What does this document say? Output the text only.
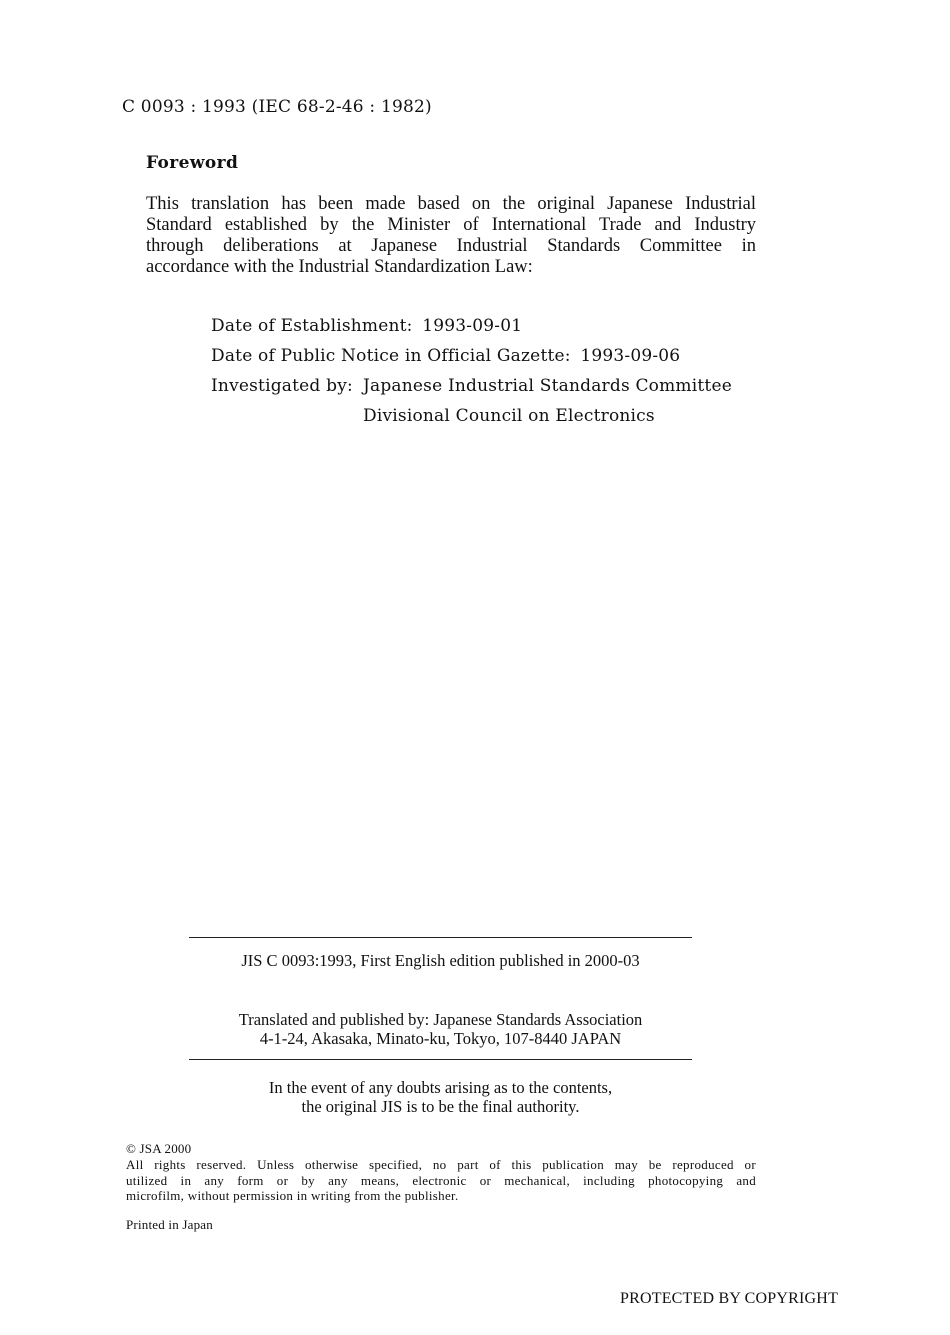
C 0093 : 1993 (IEC 68-2-46 : 1982)
Foreword
This translation has been made based on the original Japanese Industrial
Standard established by the Minister of International Trade and Industry
through deliberations at Japanese Industrial Standards Committee in
accordance with the Industrial Standardization Law:
Date of Establishment: 1993-09-01
Date of Public Notice in Official Gazette: 1993-09-06
Investigated by: Japanese Industrial Standards Committee
Divisional Council on Electronics
JIS C 0093:1993, First English edition published in 2000-03
Translated and published by: Japanese Standards Association
4-1-24, Akasaka, Minato-ku, Tokyo, 107-8440 JAPAN
In the event of any doubts arising as to the contents,
the original JIS is to be the final authority.
© JSA 2000
All rights reserved. Unless otherwise specified, no part of this publication may be reproduced or
utilized in any form or by any means, electronic or mechanical, including photocopying and
microfilm, without permission in writing from the publisher.
Printed in Japan
PROTECTED BY COPYRIGHT
